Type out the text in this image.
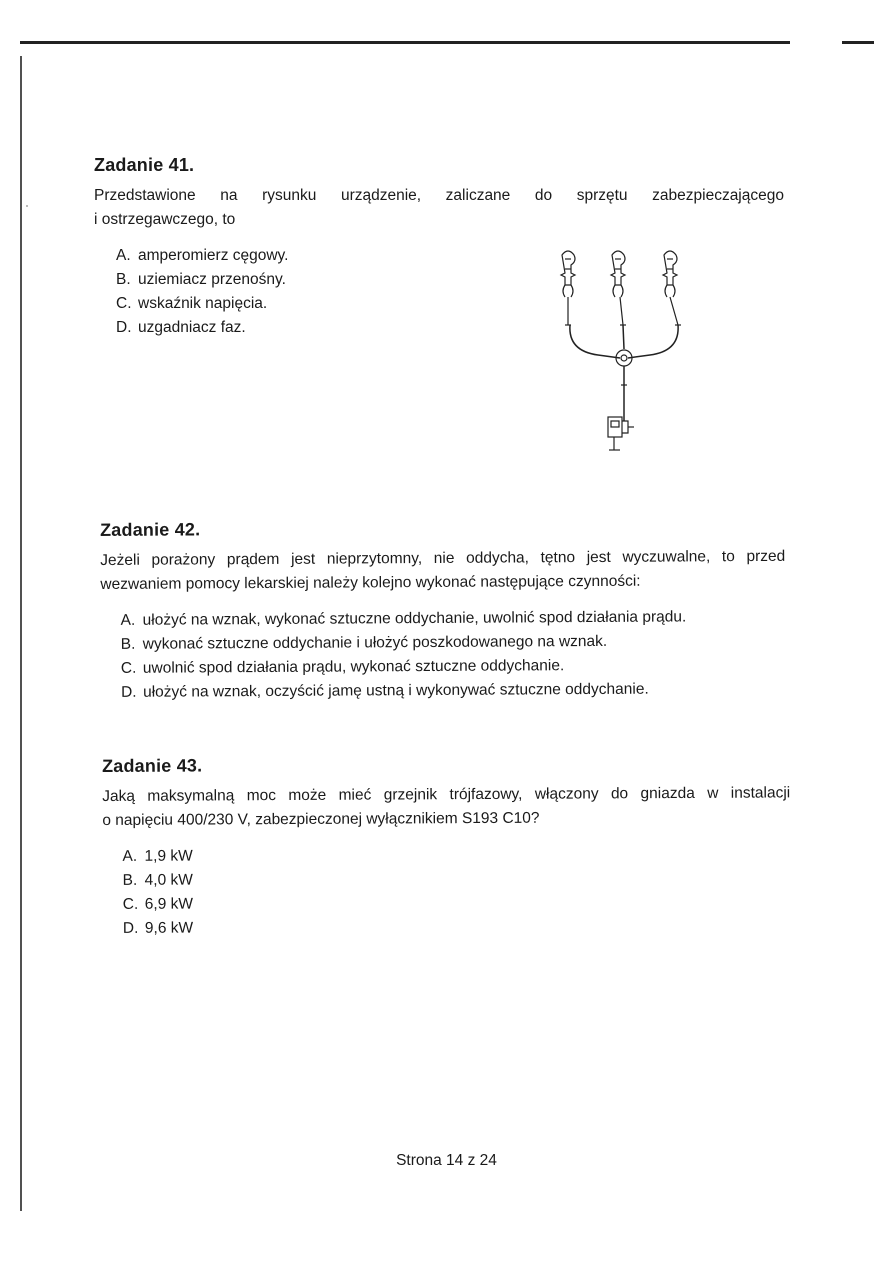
Zadanie 41.

Przedstawione na rysunku urządzenie, zaliczane do sprzętu zabezpieczającego

i ostrzegawczego, to

A. amperomierz cęgowy.
B. uziemiacz przenośny.
C. wskaźnik napięcia.
D. uzgadniacz faz.
Zadanie 42.

Jeżeli porażony prądem jest nieprzytomny, nie oddycha, tętno jest wyczuwalne, to przed

wezwaniem pomocy lekarskiej należy kolejno wykonać następujące czynności:

A. ułożyć na wznak, wykonać sztuczne oddychanie, uwolnić spod działania prądu.
B. wykonać sztuczne oddychanie i ułożyć poszkodowanego na wznak.
C. uwolnić spod działania prądu, wykonać sztuczne oddychanie.
D. ułożyć na wznak, oczyścić jamę ustną i wykonywać sztuczne oddychanie.
Zadanie 43.

Jaką maksymalną moc może mieć grzejnik trójfazowy, włączony do gniazda w instalacji

o napięciu 400/230 V, zabezpieczonej wyłącznikiem S193 C10?

A. 1,9 kW
B. 4,0 kW
C. 6,9 kW
D. 9,6 kW
Strona 14 z 24
